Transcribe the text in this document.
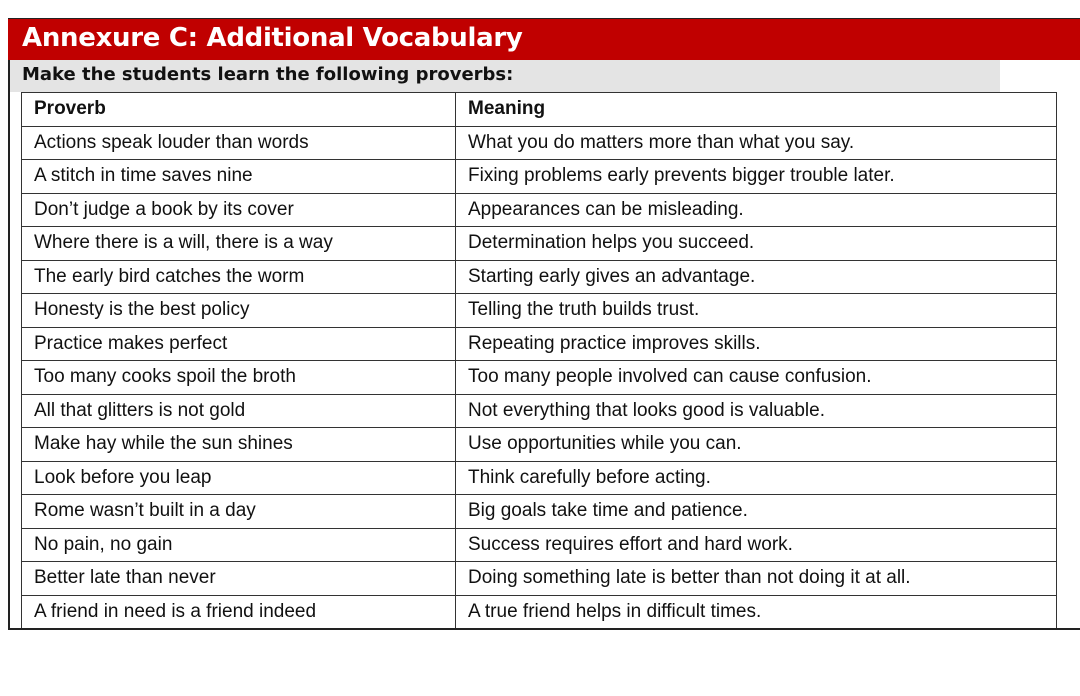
Annexure C: Additional Vocabulary
Make the students learn the following proverbs:
Proverb	Meaning
Actions speak louder than words	What you do matters more than what you say.
A stitch in time saves nine	Fixing problems early prevents bigger trouble later.
Don’t judge a book by its cover	Appearances can be misleading.
Where there is a will, there is a way	Determination helps you succeed.
The early bird catches the worm	Starting early gives an advantage.
Honesty is the best policy	Telling the truth builds trust.
Practice makes perfect	Repeating practice improves skills.
Too many cooks spoil the broth	Too many people involved can cause confusion.
All that glitters is not gold	Not everything that looks good is valuable.
Make hay while the sun shines	Use opportunities while you can.
Look before you leap	Think carefully before acting.
Rome wasn’t built in a day	Big goals take time and patience.
No pain, no gain	Success requires effort and hard work.
Better late than never	Doing something late is better than not doing it at all.
A friend in need is a friend indeed	A true friend helps in difficult times.
